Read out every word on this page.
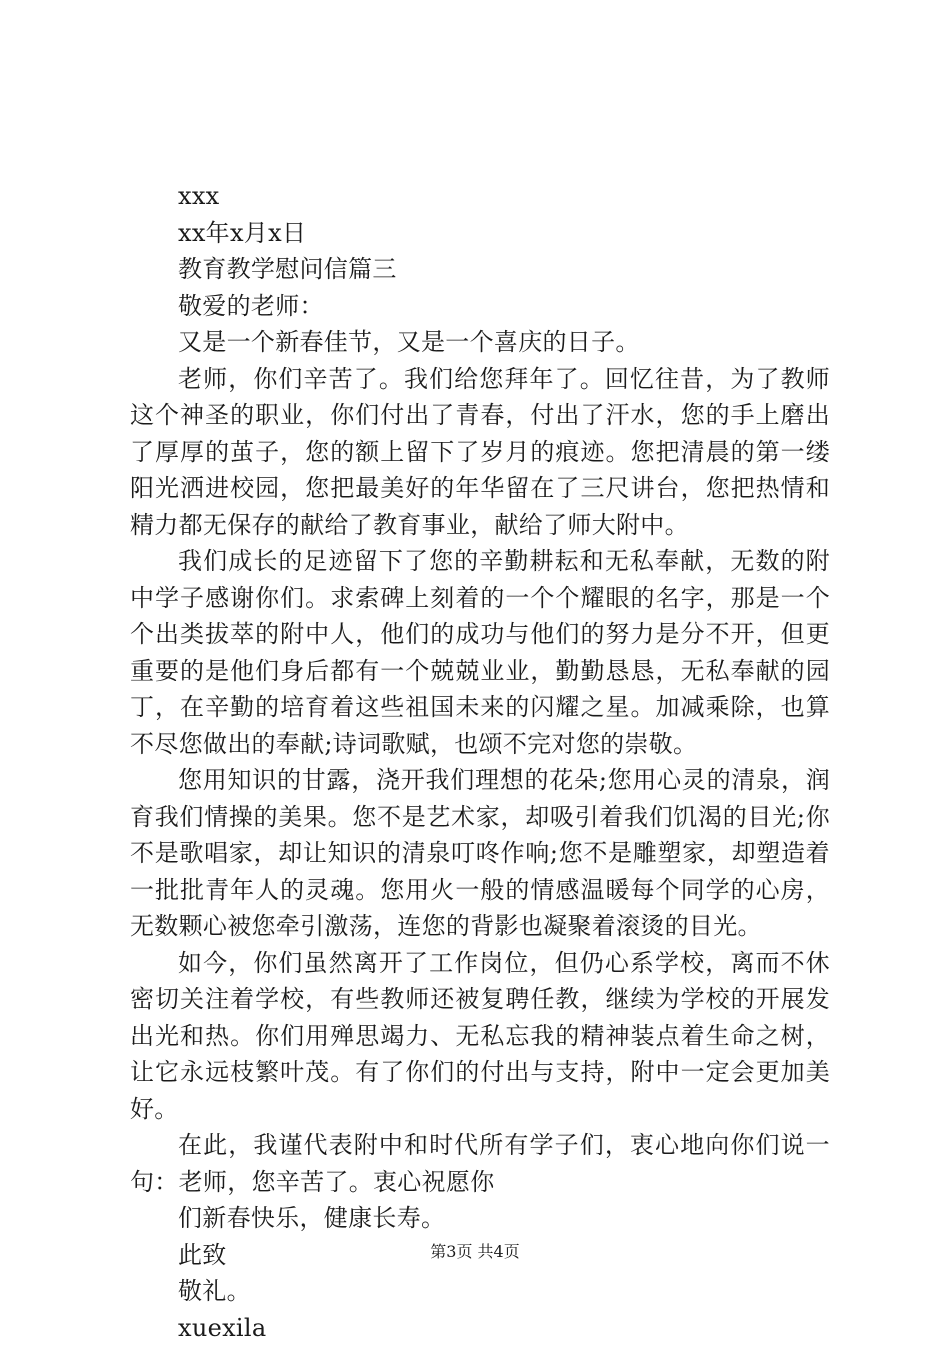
xxx

xx年x月x日

教育教学慰问信篇三

敬爱的老师：

又是一个新春佳节，又是一个喜庆的日子。

老师，你们辛苦了。我们给您拜年了。回忆往昔，为了教师这个神圣的职业，你们付出了青春，付出了汗水，您的手上磨出了厚厚的茧子，您的额上留下了岁月的痕迹。您把清晨的第一缕阳光洒进校园，您把最美好的年华留在了三尺讲台，您把热情和精力都无保存的献给了教育事业，献给了师大附中。

我们成长的足迹留下了您的辛勤耕耘和无私奉献，无数的附中学子感谢你们。求索碑上刻着的一个个耀眼的名字，那是一个个出类拔萃的附中人，他们的成功与他们的努力是分不开，但更重要的是他们身后都有一个兢兢业业，勤勤恳恳，无私奉献的园丁，在辛勤的培育着这些祖国未来的闪耀之星。加减乘除，也算不尽您做出的奉献;诗词歌赋，也颂不完对您的崇敬。

您用知识的甘露，浇开我们理想的花朵;您用心灵的清泉，润育我们情操的美果。您不是艺术家，却吸引着我们饥渴的目光;你不是歌唱家，却让知识的清泉叮咚作响;您不是雕塑家，却塑造着一批批青年人的灵魂。您用火一般的情感温暖每个同学的心房，无数颗心被您牵引激荡，连您的背影也凝聚着滚烫的目光。

如今，你们虽然离开了工作岗位，但仍心系学校，离而不休密切关注着学校，有些教师还被复聘任教，继续为学校的开展发出光和热。你们用殚思竭力、无私忘我的精神装点着生命之树，让它永远枝繁叶茂。有了你们的付出与支持，附中一定会更加美好。

在此，我谨代表附中和时代所有学子们，衷心地向你们说一句：老师，您辛苦了。衷心祝愿你

们新春快乐，健康长寿。

此致

敬礼。

xuexila

第3页 共4页
